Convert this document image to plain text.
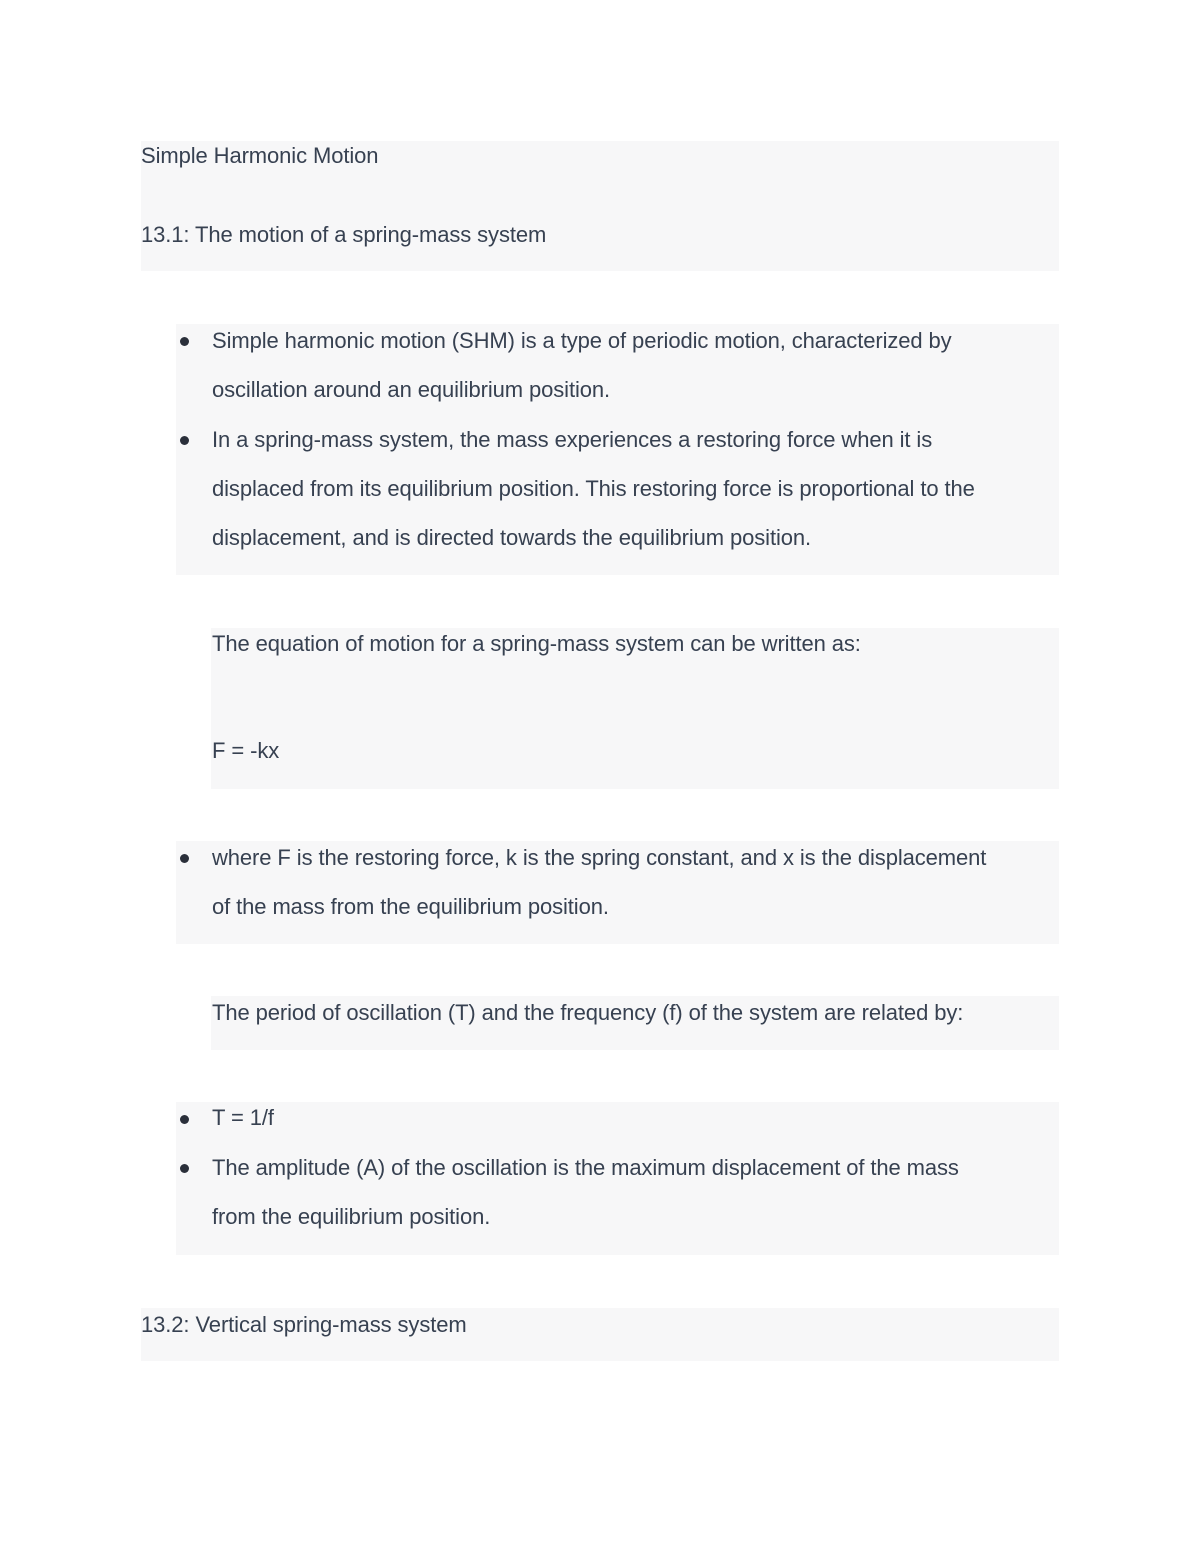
Simple Harmonic Motion
13.1: The motion of a spring-mass system
Simple harmonic motion (SHM) is a type of periodic motion, characterized by
oscillation around an equilibrium position.
In a spring-mass system, the mass experiences a restoring force when it is
displaced from its equilibrium position. This restoring force is proportional to the
displacement, and is directed towards the equilibrium position.
The equation of motion for a spring-mass system can be written as:
F = -kx
where F is the restoring force, k is the spring constant, and x is the displacement
of the mass from the equilibrium position.
The period of oscillation (T) and the frequency (f) of the system are related by:
T = 1/f
The amplitude (A) of the oscillation is the maximum displacement of the mass
from the equilibrium position.
13.2: Vertical spring-mass system
